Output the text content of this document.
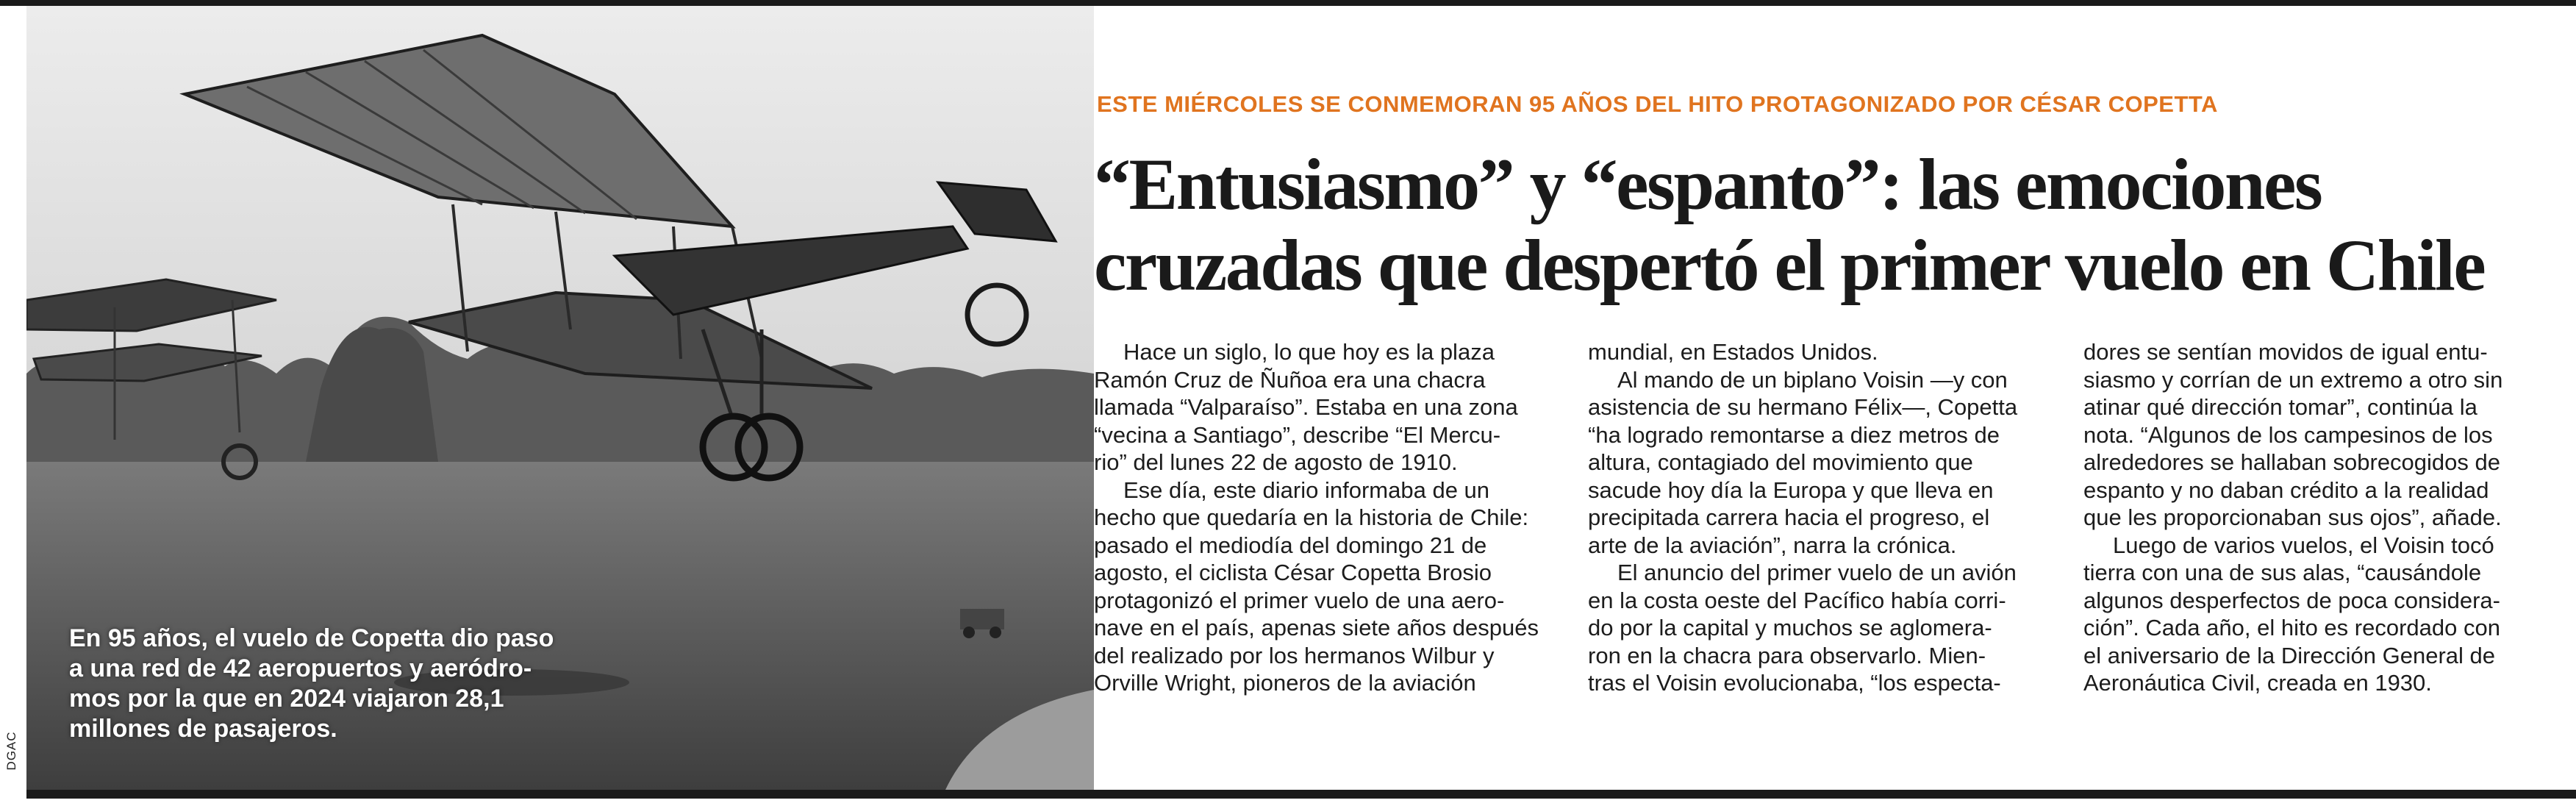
DGAC
En 95 años, el vuelo de Copetta dio paso
a una red de 42 aeropuertos y aeródro-
mos por la que en 2024 viajaron 28,1
millones de pasajeros.
ESTE MIÉRCOLES SE CONMEMORAN 95 AÑOS DEL HITO PROTAGONIZADO POR CÉSAR COPETTA
“Entusiasmo” y “espanto”: las emociones
cruzadas que despertó el primer vuelo en Chile

Hace un siglo, lo que hoy es la plaza

Ramón Cruz de Ñuñoa era una chacra

llamada “Valparaíso”. Estaba en una zona

“vecina a Santiago”, describe “El Mercu-

rio” del lunes 22 de agosto de 1910.

Ese día, este diario informaba de un

hecho que quedaría en la historia de Chile:

pasado el mediodía del domingo 21 de

agosto, el ciclista César Copetta Brosio

protagonizó el primer vuelo de una aero-

nave en el país, apenas siete años después

del realizado por los hermanos Wilbur y

Orville Wright, pioneros de la aviación

mundial, en Estados Unidos.

Al mando de un biplano Voisin —y con

asistencia de su hermano Félix—, Copetta

“ha logrado remontarse a diez metros de

altura, contagiado del movimiento que

sacude hoy día la Europa y que lleva en

precipitada carrera hacia el progreso, el

arte de la aviación”, narra la crónica.

El anuncio del primer vuelo de un avión

en la costa oeste del Pacífico había corri-

do por la capital y muchos se aglomera-

ron en la chacra para observarlo. Mien-

tras el Voisin evolucionaba, “los especta-

dores se sentían movidos de igual entu-

siasmo y corrían de un extremo a otro sin

atinar qué dirección tomar”, continúa la

nota. “Algunos de los campesinos de los

alrededores se hallaban sobrecogidos de

espanto y no daban crédito a la realidad

que les proporcionaban sus ojos”, añade.

Luego de varios vuelos, el Voisin tocó

tierra con una de sus alas, “causándole

algunos desperfectos de poca considera-

ción”. Cada año, el hito es recordado con

el aniversario de la Dirección General de

Aeronáutica Civil, creada en 1930.
